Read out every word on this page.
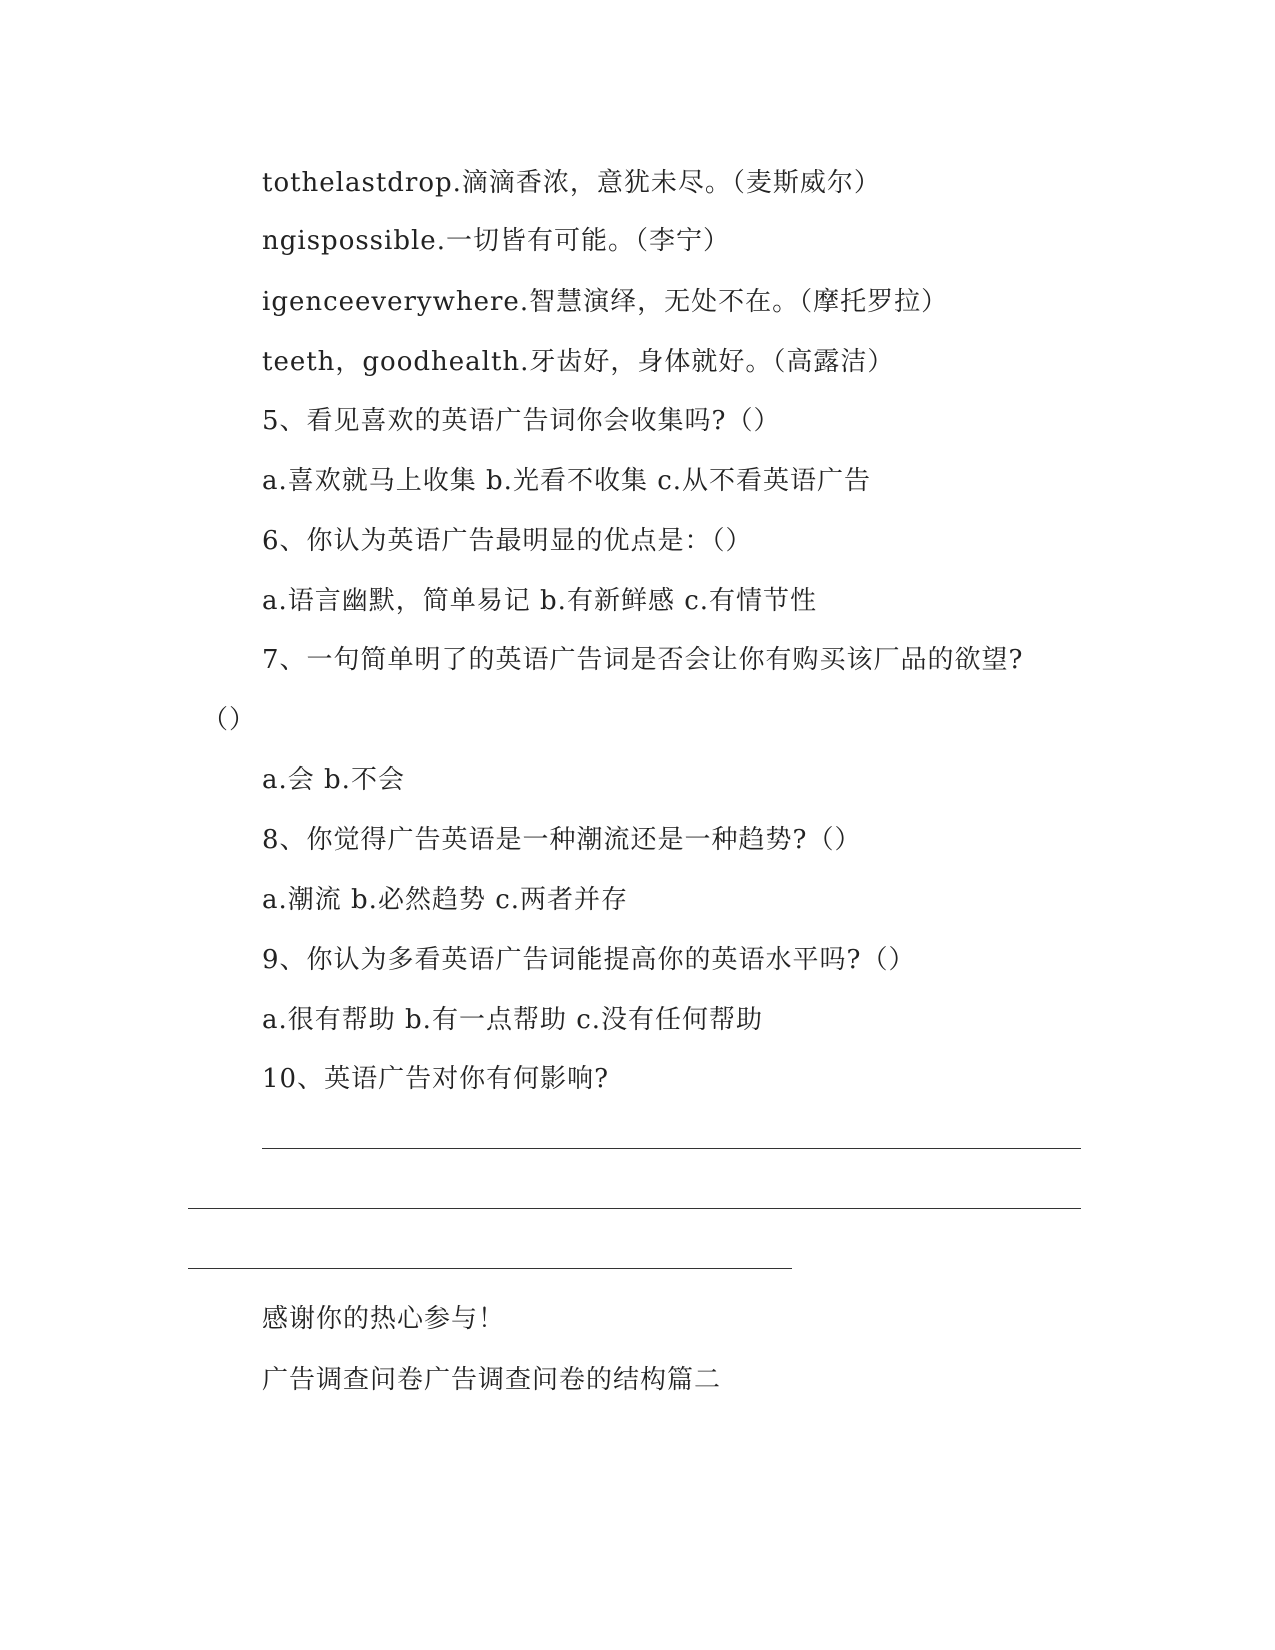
tothelastdrop.滴滴香浓，意犹未尽。（麦斯威尔）
ngispossible.一切皆有可能。（李宁）
igenceeverywhere.智慧演绎，无处不在。（摩托罗拉）
teeth，goodhealth.牙齿好，身体就好。（高露洁）
5、看见喜欢的英语广告词你会收集吗?（）
a.喜欢就马上收集 b.光看不收集 c.从不看英语广告
6、你认为英语广告最明显的优点是：（）
a.语言幽默，简单易记 b.有新鲜感 c.有情节性
7、一句简单明了的英语广告词是否会让你有购买该厂品的欲望?
（）
a.会 b.不会
8、你觉得广告英语是一种潮流还是一种趋势?（）
a.潮流 b.必然趋势 c.两者并存
9、你认为多看英语广告词能提高你的英语水平吗?（）
a.很有帮助 b.有一点帮助 c.没有任何帮助
10、英语广告对你有何影响?
感谢你的热心参与！
广告调查问卷广告调查问卷的结构篇二
